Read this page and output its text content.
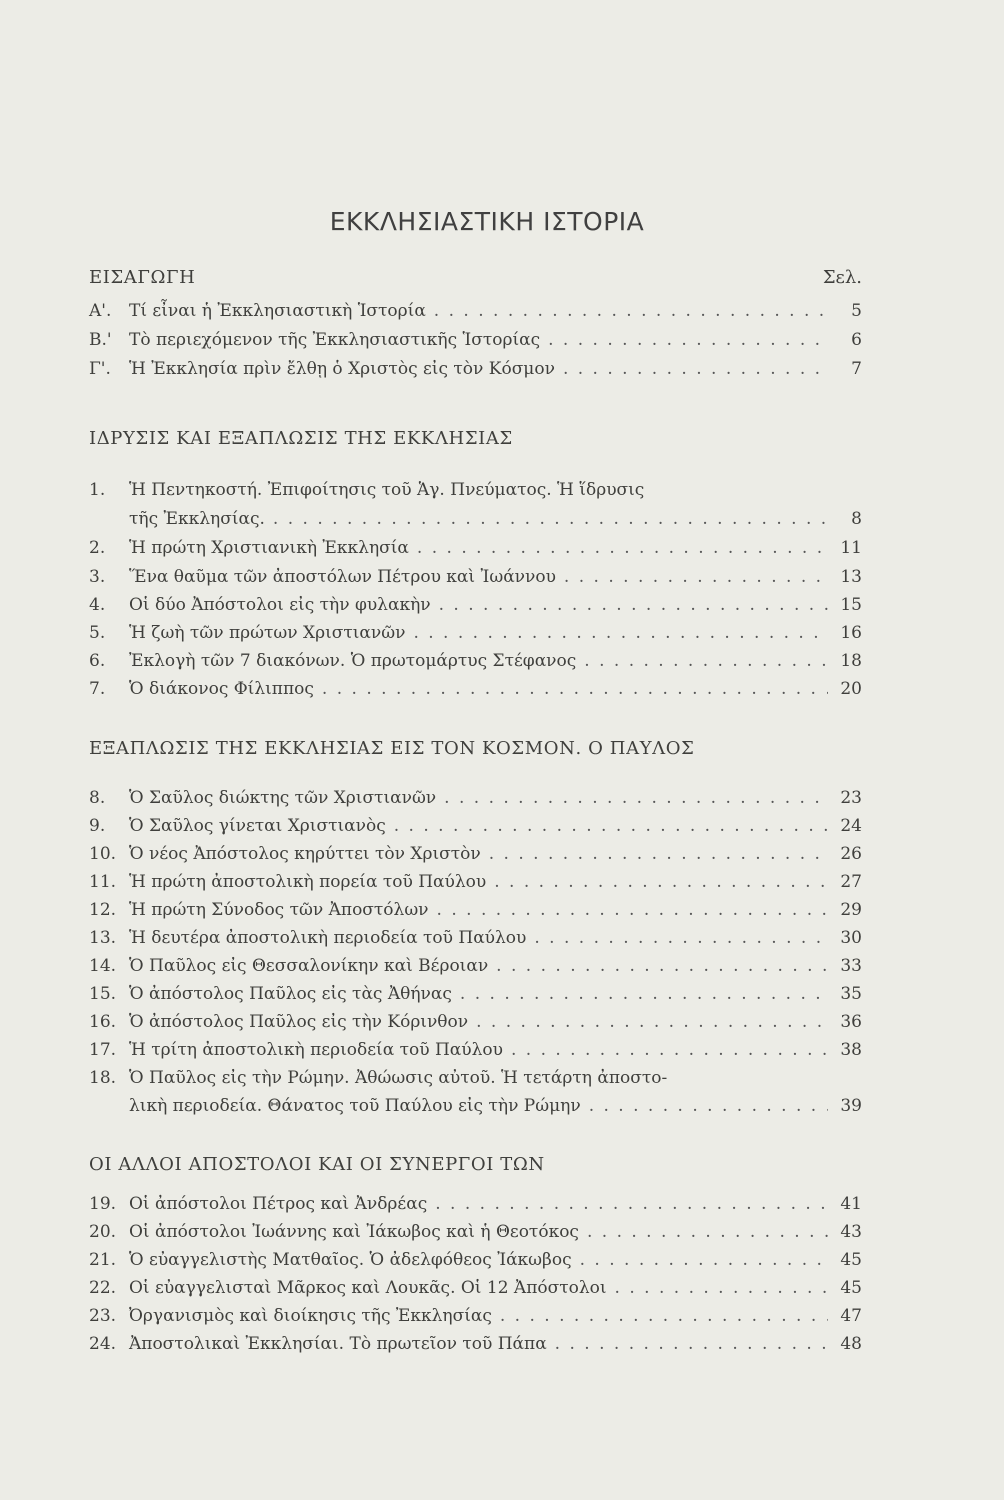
ΕΚΚΛΗΣΙΑΣΤΙΚΗ ΙΣΤΟΡΙΑ
ΕΙΣΑΓΩΓΗ	Σελ.
Α'.	Τί εἶναι ἡ Ἐκκλησιαστικὴ Ἱστορία . . .	5
Β.'	Τὸ περιεχόμενον τῆς Ἐκκλησιαστικῆς Ἱστορίας . . .	6
Γ'.	Ἡ Ἐκκλησία πρὶν ἔλθῃ ὁ Χριστὸς εἰς τὸν Κόσμον . . .	7
ΙΔΡΥΣΙΣ ΚΑΙ ΕΞΑΠΛΩΣΙΣ ΤΗΣ ΕΚΚΛΗΣΙΑΣ
1.	Ἡ Πεντηκοστή. Ἐπιφοίτησις τοῦ Ἁγ. Πνεύματος. Ἡ ἵδρυσις
τῆς Ἐκκλησίας. . . .	8
2.	Ἡ πρώτη Χριστιανικὴ Ἐκκλησία . . .	11
3.	Ἕνα θαῦμα τῶν ἀποστόλων Πέτρου καὶ Ἰωάννου . . .	13
4.	Οἱ δύο Ἀπόστολοι εἰς τὴν φυλακὴν . . .	15
5.	Ἡ ζωὴ τῶν πρώτων Χριστιανῶν . . .	16
6.	Ἐκλογὴ τῶν 7 διακόνων. Ὁ πρωτομάρτυς Στέφανος . . .	18
7.	Ὁ διάκονος Φίλιππος . . .	20
ΕΞΑΠΛΩΣΙΣ ΤΗΣ ΕΚΚΛΗΣΙΑΣ ΕΙΣ ΤΟΝ ΚΟΣΜΟΝ. Ο ΠΑΥΛΟΣ
8.	Ὁ Σαῦλος διώκτης τῶν Χριστιανῶν . . .	23
9.	Ὁ Σαῦλος γίνεται Χριστιανὸς . . .	24
10. Ὁ νέος Ἀπόστολος κηρύττει τὸν Χριστὸν . . .	26
11. Ἡ πρώτη ἀποστολικὴ πορεία τοῦ Παύλου . . .	27
12. Ἡ πρώτη Σύνοδος τῶν Ἀποστόλων . . .	29
13. Ἡ δευτέρα ἀποστολικὴ περιοδεία τοῦ Παύλου . . .	30
14. Ὁ Παῦλος εἰς Θεσσαλονίκην καὶ Βέροιαν . . .	33
15. Ὁ ἀπόστολος Παῦλος εἰς τὰς Ἀθήνας . . .	35
16. Ὁ ἀπόστολος Παῦλος εἰς τὴν Κόρινθον . . .	36
17. Ἡ τρίτη ἀποστολικὴ περιοδεία τοῦ Παύλου . . .	38
18. Ὁ Παῦλος εἰς τὴν Ρώμην. Ἀθώωσις αὐτοῦ. Ἡ τετάρτη ἀποστο-
λικὴ περιοδεία. Θάνατος τοῦ Παύλου εἰς τὴν Ρώμην . . .	39
ΟΙ ΑΛΛΟΙ ΑΠΟΣΤΟΛΟΙ ΚΑΙ ΟΙ ΣΥΝΕΡΓΟΙ ΤΩΝ
19. Οἱ ἀπόστολοι Πέτρος καὶ Ἀνδρέας . . .	41
20. Οἱ ἀπόστολοι Ἰωάννης καὶ Ἰάκωβος καὶ ἡ Θεοτόκος . . .	43
21. Ὁ εὐαγγελιστὴς Ματθαῖος. Ὁ ἀδελφόθεος Ἰάκωβος . . .	45
22. Οἱ εὐαγγελισταὶ Μᾶρκος καὶ Λουκᾶς. Οἱ 12 Ἀπόστολοι . . .	45
23. Ὀργανισμὸς καὶ διοίκησις τῆς Ἐκκλησίας . . .	47
24. Ἀποστολικαὶ Ἐκκλησίαι. Τὸ πρωτεῖον τοῦ Πάπα . . .	48
